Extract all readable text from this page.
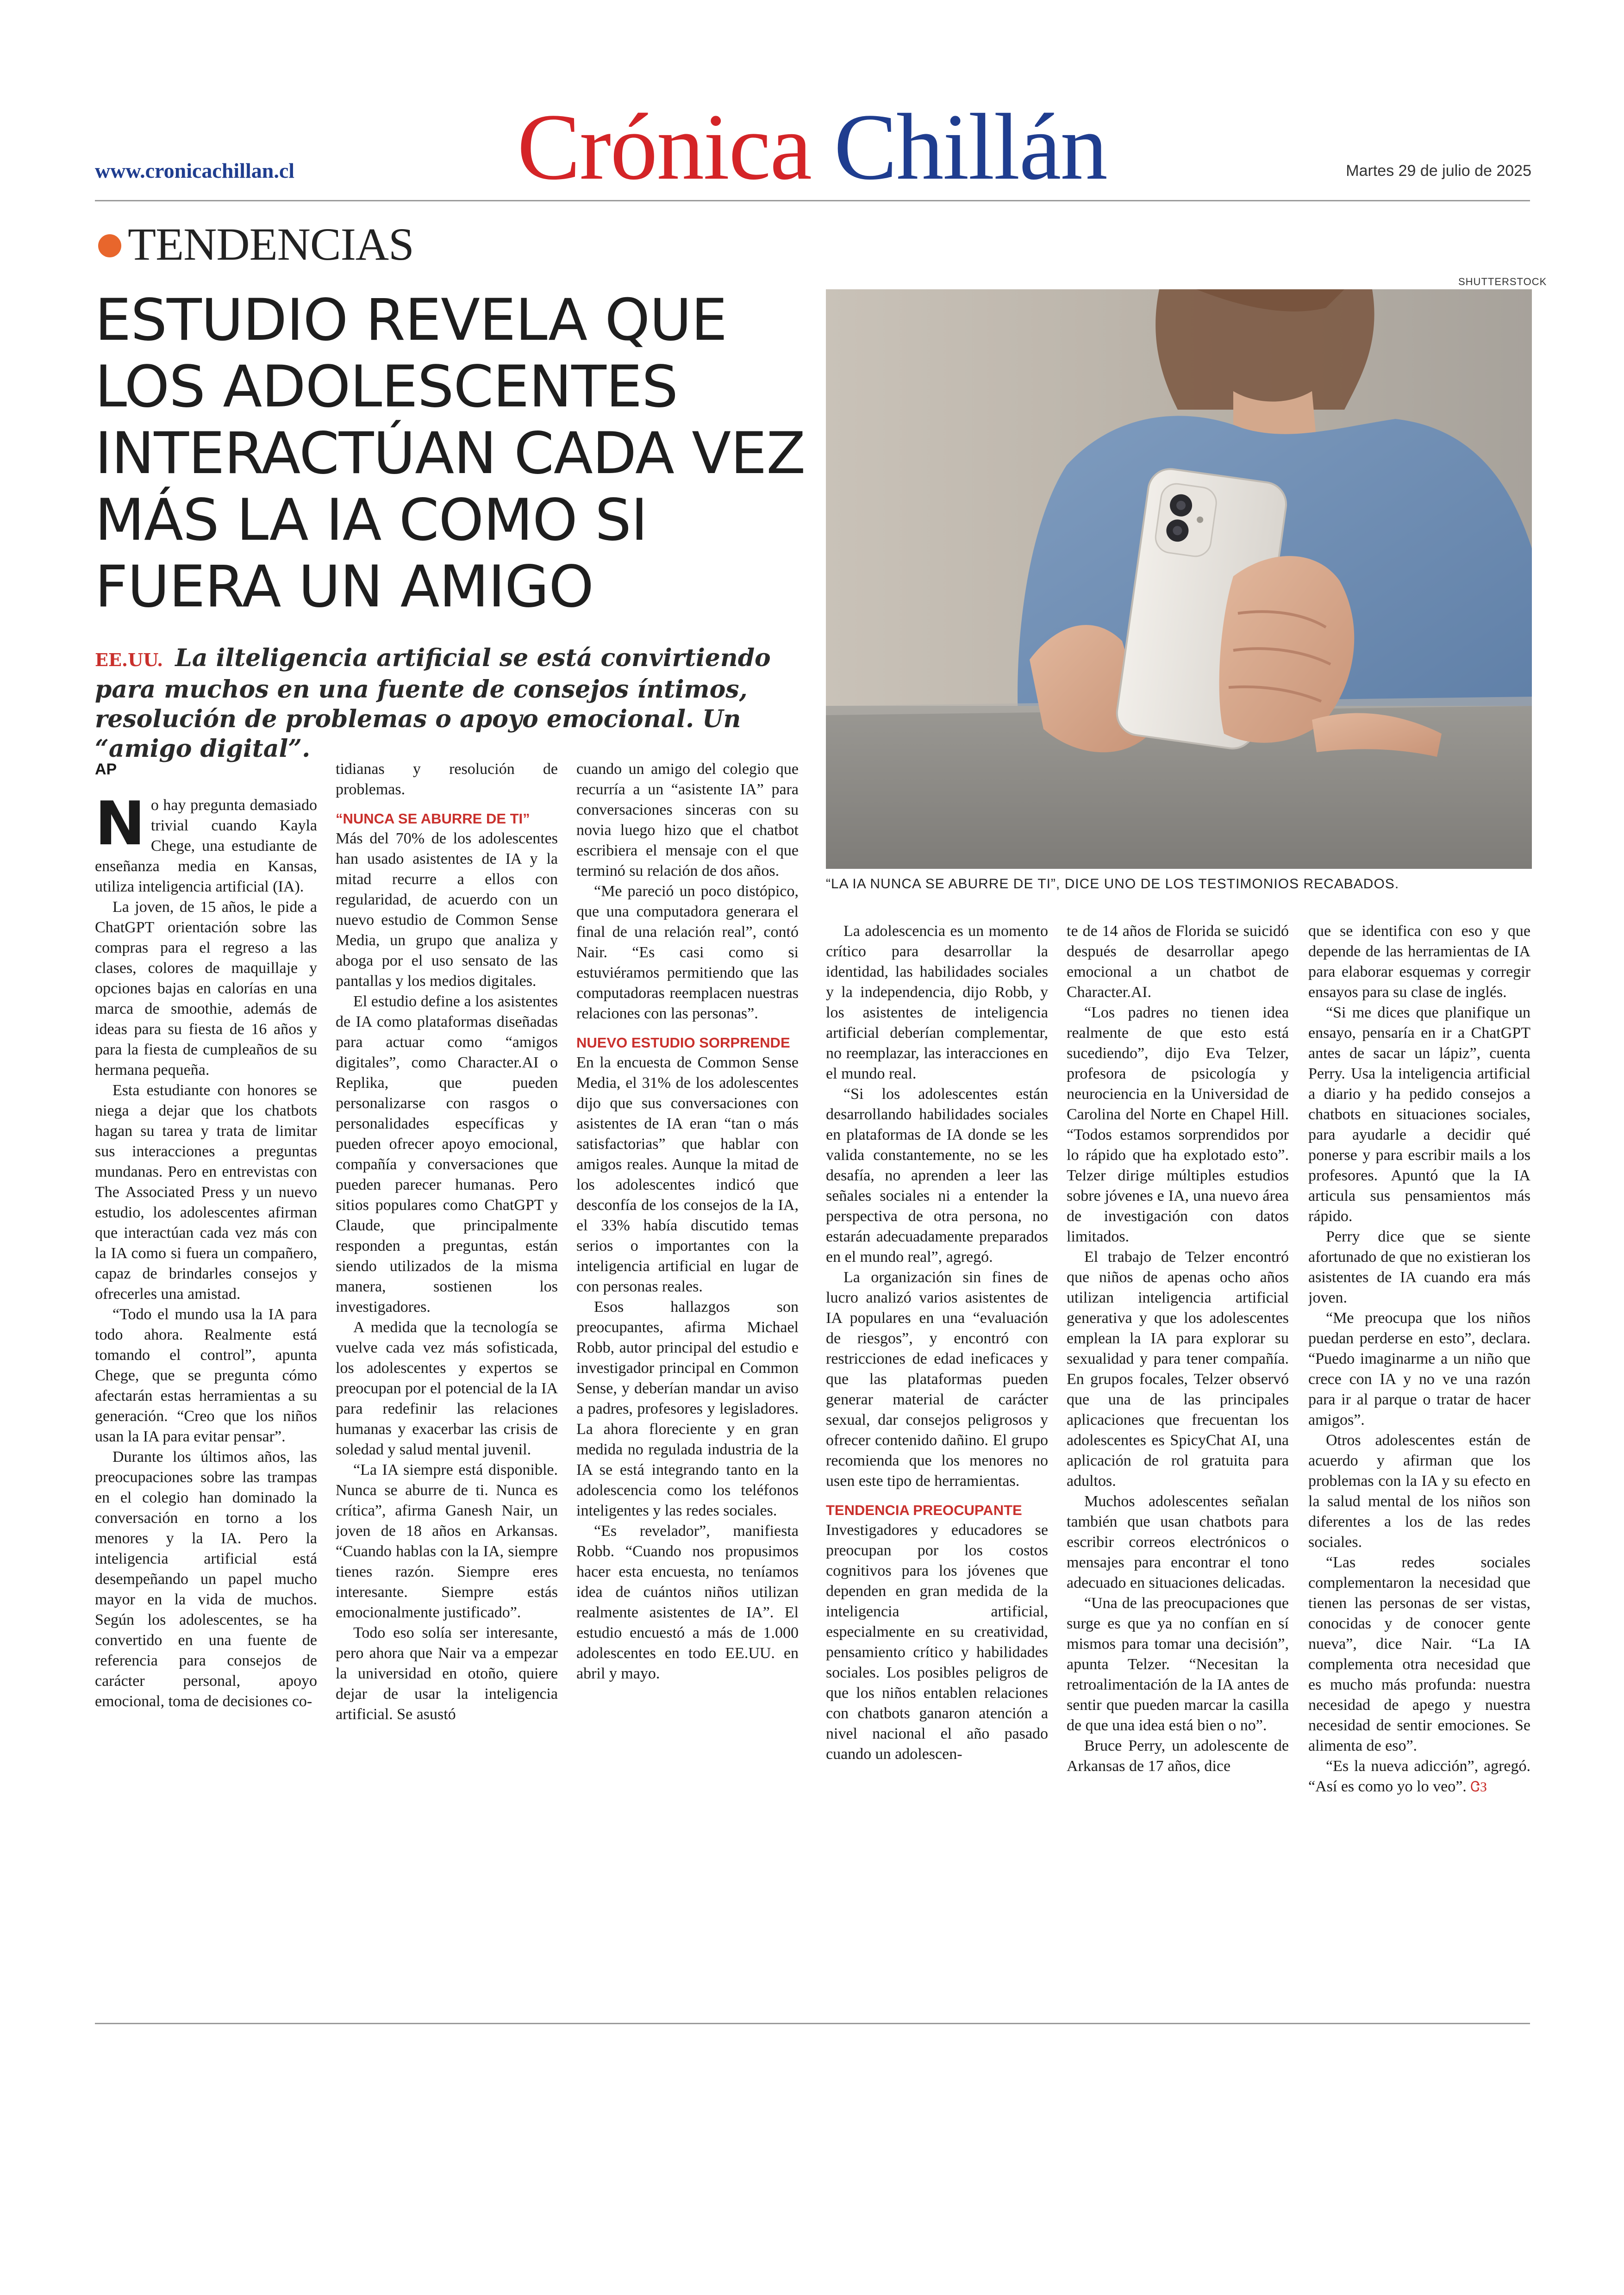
Crónica Chillán
www.cronicachillan.cl	Martes 29 de julio de 2025
TENDENCIAS
ESTUDIO REVELA QUE LOS ADOLESCENTES INTERACTÚAN CADA VEZ MÁS LA IA COMO SI FUERA UN AMIGO
EE.UU. La ilteligencia artificial se está convirtiendo para muchos en una fuente de consejos íntimos, resolución de problemas o apoyo emocional. Un “amigo digital”.
SHUTTERSTOCK
“LA IA NUNCA SE ABURRE DE TI”, DICE UNO DE LOS TESTIMONIOS RECABADOS.

AP

No hay pregunta demasiado trivial cuando Kayla Chege, una estudiante de enseñanza media en Kansas, utiliza inteligencia artificial (IA).

La joven, de 15 años, le pide a ChatGPT orientación sobre las compras para el regreso a las clases, colores de maquillaje y opciones bajas en calorías en una marca de smoothie, además de ideas para su fiesta de 16 años y para la fiesta de cumpleaños de su hermana pequeña.

Esta estudiante con honores se niega a dejar que los chatbots hagan su tarea y trata de limitar sus interacciones a preguntas mundanas. Pero en entrevistas con The Associated Press y un nuevo estudio, los adolescentes afirman que interactúan cada vez más con la IA como si fuera un compañero, capaz de brindarles consejos y ofrecerles una amistad.

“Todo el mundo usa la IA para todo ahora. Realmente está tomando el control”, apunta Chege, que se pregunta cómo afectarán estas herramientas a su generación. “Creo que los niños usan la IA para evitar pensar”.

Durante los últimos años, las preocupaciones sobre las trampas en el colegio han dominado la conversación en torno a los menores y la IA. Pero la inteligencia artificial está desempeñando un papel mucho mayor en la vida de muchos. Según los adolescentes, se ha convertido en una fuente de referencia para consejos de carácter personal, apoyo emocional, toma de decisiones co-

tidianas y resolución de problemas.

“NUNCA SE ABURRE DE TI”

Más del 70% de los adolescentes han usado asistentes de IA y la mitad recurre a ellos con regularidad, de acuerdo con un nuevo estudio de Common Sense Media, un grupo que analiza y aboga por el uso sensato de las pantallas y los medios digitales.

El estudio define a los asistentes de IA como plataformas diseñadas para actuar como “amigos digitales”, como Character.AI o Replika, que pueden personalizarse con rasgos o personalidades específicas y pueden ofrecer apoyo emocional, compañía y conversaciones que pueden parecer humanas. Pero sitios populares como ChatGPT y Claude, que principalmente responden a preguntas, están siendo utilizados de la misma manera, sostienen los investigadores.

A medida que la tecnología se vuelve cada vez más sofisticada, los adolescentes y expertos se preocupan por el potencial de la IA para redefinir las relaciones humanas y exacerbar las crisis de soledad y salud mental juvenil.

“La IA siempre está disponible. Nunca se aburre de ti. Nunca es crítica”, afirma Ganesh Nair, un joven de 18 años en Arkansas. “Cuando hablas con la IA, siempre tienes razón. Siempre eres interesante. Siempre estás emocionalmente justificado”.

Todo eso solía ser interesante, pero ahora que Nair va a empezar la universidad en otoño, quiere dejar de usar la inteligencia artificial. Se asustó

cuando un amigo del colegio que recurría a un “asistente IA” para conversaciones sinceras con su novia luego hizo que el chatbot escribiera el mensaje con el que terminó su relación de dos años.

“Me pareció un poco distópico, que una computadora generara el final de una relación real”, contó Nair. “Es casi como si estuviéramos permitiendo que las computadoras reemplacen nuestras relaciones con las personas”.

NUEVO ESTUDIO SORPRENDE

En la encuesta de Common Sense Media, el 31% de los adolescentes dijo que sus conversaciones con asistentes de IA eran “tan o más satisfactorias” que hablar con amigos reales. Aunque la mitad de los adolescentes indicó que desconfía de los consejos de la IA, el 33% había discutido temas serios o importantes con la inteligencia artificial en lugar de con personas reales.

Esos hallazgos son preocupantes, afirma Michael Robb, autor principal del estudio e investigador principal en Common Sense, y deberían mandar un aviso a padres, profesores y legisladores. La ahora floreciente y en gran medida no regulada industria de la IA se está integrando tanto en la adolescencia como los teléfonos inteligentes y las redes sociales.

“Es revelador”, manifiesta Robb. “Cuando nos propusimos hacer esta encuesta, no teníamos idea de cuántos niños utilizan realmente asistentes de IA”. El estudio encuestó a más de 1.000 adolescentes en todo EE.UU. en abril y mayo.

La adolescencia es un momento crítico para desarrollar la identidad, las habilidades sociales y la independencia, dijo Robb, y los asistentes de inteligencia artificial deberían complementar, no reemplazar, las interacciones en el mundo real.

“Si los adolescentes están desarrollando habilidades sociales en plataformas de IA donde se les valida constantemente, no se les desafía, no aprenden a leer las señales sociales ni a entender la perspectiva de otra persona, no estarán adecuadamente preparados en el mundo real”, agregó.

La organización sin fines de lucro analizó varios asistentes de IA populares en una “evaluación de riesgos”, y encontró con restricciones de edad ineficaces y que las plataformas pueden generar material de carácter sexual, dar consejos peligrosos y ofrecer contenido dañino. El grupo recomienda que los menores no usen este tipo de herramientas.

TENDENCIA PREOCUPANTE

Investigadores y educadores se preocupan por los costos cognitivos para los jóvenes que dependen en gran medida de la inteligencia artificial, especialmente en su creatividad, pensamiento crítico y habilidades sociales. Los posibles peligros de que los niños entablen relaciones con chatbots ganaron atención a nivel nacional el año pasado cuando un adolescen-

te de 14 años de Florida se suicidó después de desarrollar apego emocional a un chatbot de Character.AI.

“Los padres no tienen idea realmente de que esto está sucediendo”, dijo Eva Telzer, profesora de psicología y neurociencia en la Universidad de Carolina del Norte en Chapel Hill. “Todos estamos sorprendidos por lo rápido que ha explotado esto”. Telzer dirige múltiples estudios sobre jóvenes e IA, una nuevo área de investigación con datos limitados.

El trabajo de Telzer encontró que niños de apenas ocho años utilizan inteligencia artificial generativa y que los adolescentes emplean la IA para explorar su sexualidad y para tener compañía. En grupos focales, Telzer observó que una de las principales aplicaciones que frecuentan los adolescentes es SpicyChat AI, una aplicación de rol gratuita para adultos.

Muchos adolescentes señalan también que usan chatbots para escribir correos electrónicos o mensajes para encontrar el tono adecuado en situaciones delicadas.

“Una de las preocupaciones que surge es que ya no confían en sí mismos para tomar una decisión”, apunta Telzer. “Necesitan la retroalimentación de la IA antes de sentir que pueden marcar la casilla de que una idea está bien o no”.

Bruce Perry, un adolescente de Arkansas de 17 años, dice

que se identifica con eso y que depende de las herramientas de IA para elaborar esquemas y corregir ensayos para su clase de inglés.

“Si me dices que planifique un ensayo, pensaría en ir a ChatGPT antes de sacar un lápiz”, cuenta Perry. Usa la inteligencia artificial a diario y ha pedido consejos a chatbots en situaciones sociales, para ayudarle a decidir qué ponerse y para escribir mails a los profesores. Apuntó que la IA articula sus pensamientos más rápido.

Perry dice que se siente afortunado de que no existieran los asistentes de IA cuando era más joven.

“Me preocupa que los niños puedan perderse en esto”, declara. “Puedo imaginarme a un niño que crece con IA y no ve una razón para ir al parque o tratar de hacer amigos”.

Otros adolescentes están de acuerdo y afirman que los problemas con la IA y su efecto en la salud mental de los niños son diferentes a los de las redes sociales.

“Las redes sociales complementaron la necesidad que tienen las personas de ser vistas, conocidas y de conocer gente nueva”, dice Nair. “La IA complementa otra necesidad que es mucho más profunda: nuestra necesidad de apego y nuestra necesidad de sentir emociones. Se alimenta de eso”.

“Es la nueva adicción”, agregó. “Así es como yo lo veo”. ᏣЗ
